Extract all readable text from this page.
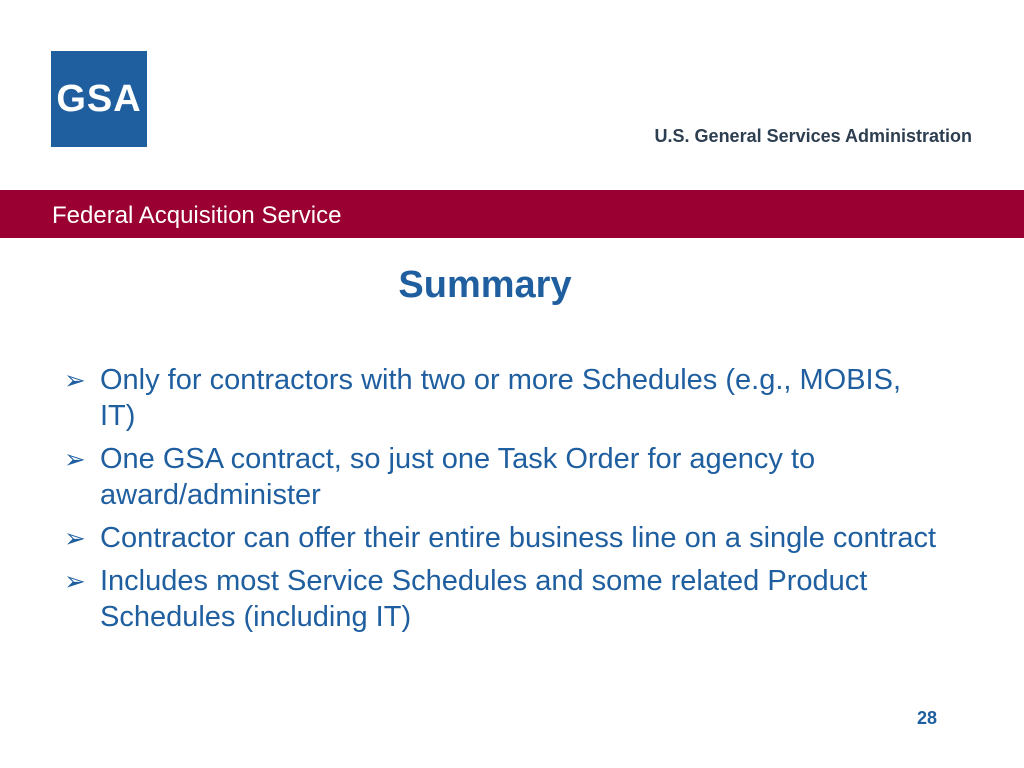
GSA
U.S. General Services Administration
Federal Acquisition Service
Summary
➢ Only for contractors with two or more Schedules (e.g., MOBIS, IT)
➢ One GSA contract, so just one Task Order for agency to award/administer
➢ Contractor can offer their entire business line on a single contract
➢ Includes most Service Schedules and some related Product Schedules (including IT)
28
